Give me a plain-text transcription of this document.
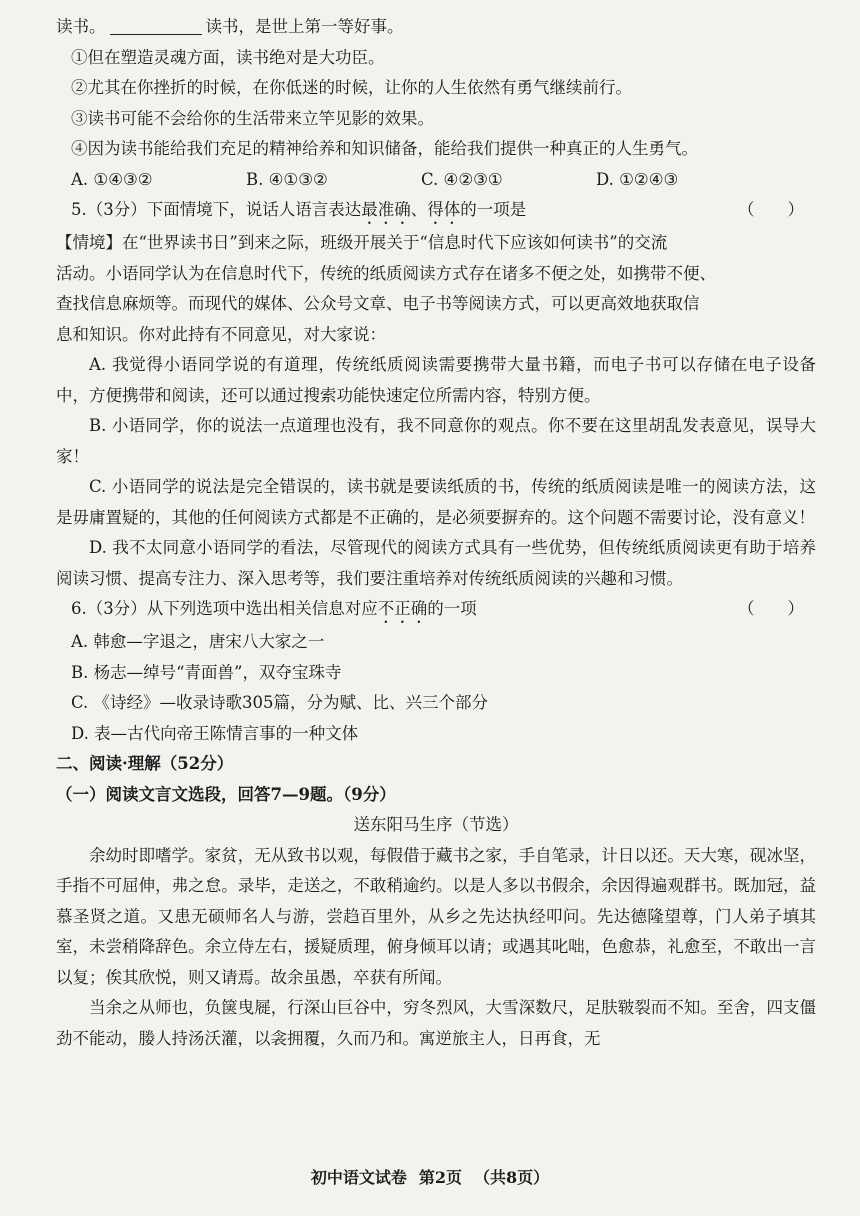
读书。	读书，是世上第一等好事。
①但在塑造灵魂方面，读书绝对是大功臣。
②尤其在你挫折的时候，在你低迷的时候，让你的人生依然有勇气继续前行。
③读书可能不会给你的生活带来立竿见影的效果。
④因为读书能给我们充足的精神给养和知识储备，能给我们提供一种真正的人生勇气。
A. ①④③②	B. ④①③②	C. ④②③①	D. ①②④③
5.（3分）下面情境下，说话人语言表达最准确、得体的一项是	（　　）
【情境】在“世界读书日”到来之际，班级开展关于“信息时代下应该如何读书”的交流
活动。小语同学认为在信息时代下，传统的纸质阅读方式存在诸多不便之处，如携带不便、
查找信息麻烦等。而现代的媒体、公众号文章、电子书等阅读方式，可以更高效地获取信
息和知识。你对此持有不同意见，对大家说：
A. 我觉得小语同学说的有道理，传统纸质阅读需要携带大量书籍，而电子书可以存储在电子设备中，方便携带和阅读，还可以通过搜索功能快速定位所需内容，特别方便。
B. 小语同学，你的说法一点道理也没有，我不同意你的观点。你不要在这里胡乱发表意见，误导大家！
C. 小语同学的说法是完全错误的，读书就是要读纸质的书，传统的纸质阅读是唯一的阅读方法，这是毋庸置疑的，其他的任何阅读方式都是不正确的，是必须要摒弃的。这个问题不需要讨论，没有意义！
D. 我不太同意小语同学的看法，尽管现代的阅读方式具有一些优势，但传统纸质阅读更有助于培养阅读习惯、提高专注力、深入思考等，我们要注重培养对传统纸质阅读的兴趣和习惯。
6.（3分）从下列选项中选出相关信息对应不正确的一项	（　　）
A. 韩愈—字退之，唐宋八大家之一
B. 杨志—绰号“青面兽”，双夺宝珠寺
C. 《诗经》—收录诗歌305篇，分为赋、比、兴三个部分
D. 表—古代向帝王陈情言事的一种文体
二、阅读·理解（52分）
（一）阅读文言文选段，回答7—9题。（9分）
送东阳马生序（节选）
余幼时即嗜学。家贫，无从致书以观，每假借于藏书之家，手自笔录，计日以还。天大寒，砚冰坚，手指不可屈伸，弗之怠。录毕，走送之，不敢稍逾约。以是人多以书假余，余因得遍观群书。既加冠，益慕圣贤之道。又患无硕师名人与游，尝趋百里外，从乡之先达执经叩问。先达德隆望尊，门人弟子填其室，未尝稍降辞色。余立侍左右，援疑质理，俯身倾耳以请；或遇其叱咄，色愈恭，礼愈至，不敢出一言以复；俟其欣悦，则又请焉。故余虽愚，卒获有所闻。
当余之从师也，负箧曳屣，行深山巨谷中，穷冬烈风，大雪深数尺，足肤皲裂而不知。至舍，四支僵劲不能动，媵人持汤沃灌，以衾拥覆，久而乃和。寓逆旅主人，日再食，无
初中语文试卷 第2页 （共8页）
